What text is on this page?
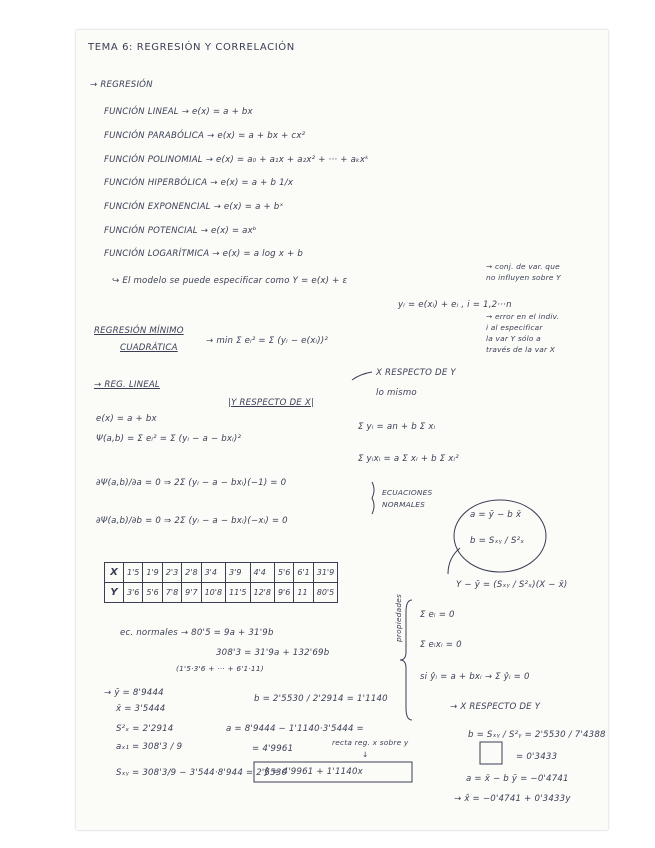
TEMA 6: REGRESIÓN Y CORRELACIÓN
→ REGRESIÓN
FUNCIÓN LINEAL → e(x) = a + bx
FUNCIÓN PARABÓLICA → e(x) = a + bx + cx²
FUNCIÓN POLINOMIAL → e(x) = a₀ + a₁x + a₂x² + ··· + aₖxᵏ
FUNCIÓN HIPERBÓLICA → e(x) = a + b 1/x
FUNCIÓN EXPONENCIAL → e(x) = a + bˣ
FUNCIÓN POTENCIAL → e(x) = axᵇ
FUNCIÓN LOGARÍTMICA → e(x) = a log x + b
↪ El modelo se puede especificar como Y = e(x) + ε
→ conj. de var. que
no influyen sobre Y
yᵢ = e(xᵢ) + eᵢ , i = 1,2···n
→ error en el indiv.
i al especificar
la var Y sólo a
través de la var X
REGRESIÓN MÍNIMO
CUADRÁTICA
→ min Σ eᵢ² = Σ (yᵢ − e(xᵢ))²
→ REG. LINEAL
|Y RESPECTO DE X|
X RESPECTO DE Y
lo mismo
e(x) = a + bx
Ψ(a,b) = Σ eᵢ² = Σ (yᵢ − a − bxᵢ)²
∂Ψ(a,b)/∂a = 0 ⇒ 2Σ (yᵢ − a − bxᵢ)(−1) = 0
∂Ψ(a,b)/∂b = 0 ⇒ 2Σ (yᵢ − a − bxᵢ)(−xᵢ) = 0
Σ yᵢ = an + b Σ xᵢ
Σ yᵢxᵢ = a Σ xᵢ + b Σ xᵢ²
ECUACIONES
NORMALES
a = ȳ − b x̄
b = Sₓᵧ / S²ₓ
Y − ȳ = (Sₓᵧ / S²ₓ)(X − x̄)
X	1'5	1'9	2'3	2'8	3'4	3'9	4'4	5'6	6'1	31'9
Y	3'6	5'6	7'8	9'7	10'8	11'5	12'8	9'6	11	80'5
ec. normales → 80'5 = 9a + 31'9b
308'3 = 31'9a + 132'69b
(1'5·3'6 + ··· + 6'1·11)
propiedades Σ eᵢ = 0
Σ eᵢxᵢ = 0
si ŷᵢ = a + bxᵢ → Σ ŷᵢ = 0
→ ȳ = 8'9444
x̄ = 3'5444
S²ₓ = 2'2914
aₓ₁ = 308'3 / 9
Sₓᵧ = 308'3/9 − 3'544·8'944 = 2'5530
b = 2'5530 / 2'2914 = 1'1140
a = 8'9444 − 1'1140·3'5444 =
= 4'9961
recta reg. x sobre y
↓
ŷ = 4'9961 + 1'1140x
→ X RESPECTO DE Y
b = Sₓᵧ / S²ᵧ = 2'5530 / 7'4388
= 0'3433
a = x̄ − b ȳ = −0'4741
→ x̂ = −0'4741 + 0'3433y
